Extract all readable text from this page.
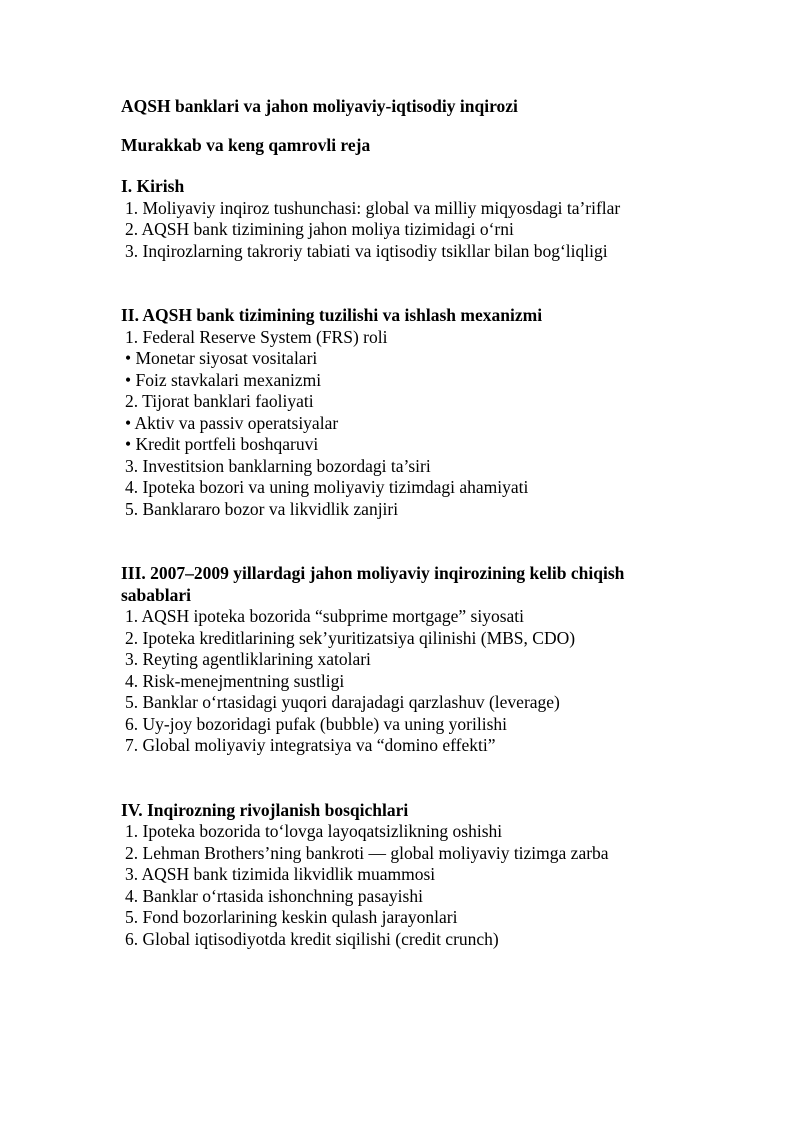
AQSH banklari va jahon moliyaviy-iqtisodiy inqirozi

Murakkab va keng qamrovli reja

I. Kirish

1. Moliyaviy inqiroz tushunchasi: global va milliy miqyosdagi ta’riflar
2. AQSH bank tizimining jahon moliya tizimidagi o‘rni
3. Inqirozlarning takroriy tabiati va iqtisodiy tsikllar bilan bog‘liqligi

II. AQSH bank tizimining tuzilishi va ishlash mexanizmi

1. Federal Reserve System (FRS) roli
• Monetar siyosat vositalari
• Foiz stavkalari mexanizmi
2. Tijorat banklari faoliyati
• Aktiv va passiv operatsiyalar
• Kredit portfeli boshqaruvi
3. Investitsion banklarning bozordagi ta’siri
4. Ipoteka bozori va uning moliyaviy tizimdagi ahamiyati
5. Banklararo bozor va likvidlik zanjiri

III. 2007–2009 yillardagi jahon moliyaviy inqirozining kelib chiqish
sabablari

1. AQSH ipoteka bozorida “subprime mortgage” siyosati
2. Ipoteka kreditlarining sek’yuritizatsiya qilinishi (MBS, CDO)
3. Reyting agentliklarining xatolari
4. Risk-menejmentning sustligi
5. Banklar o‘rtasidagi yuqori darajadagi qarzlashuv (leverage)
6. Uy-joy bozoridagi pufak (bubble) va uning yorilishi
7. Global moliyaviy integratsiya va “domino effekti”

IV. Inqirozning rivojlanish bosqichlari

1. Ipoteka bozorida to‘lovga layoqatsizlikning oshishi
2. Lehman Brothers’ning bankroti — global moliyaviy tizimga zarba
3. AQSH bank tizimida likvidlik muammosi
4. Banklar o‘rtasida ishonchning pasayishi
5. Fond bozorlarining keskin qulash jarayonlari
6. Global iqtisodiyotda kredit siqilishi (credit crunch)
